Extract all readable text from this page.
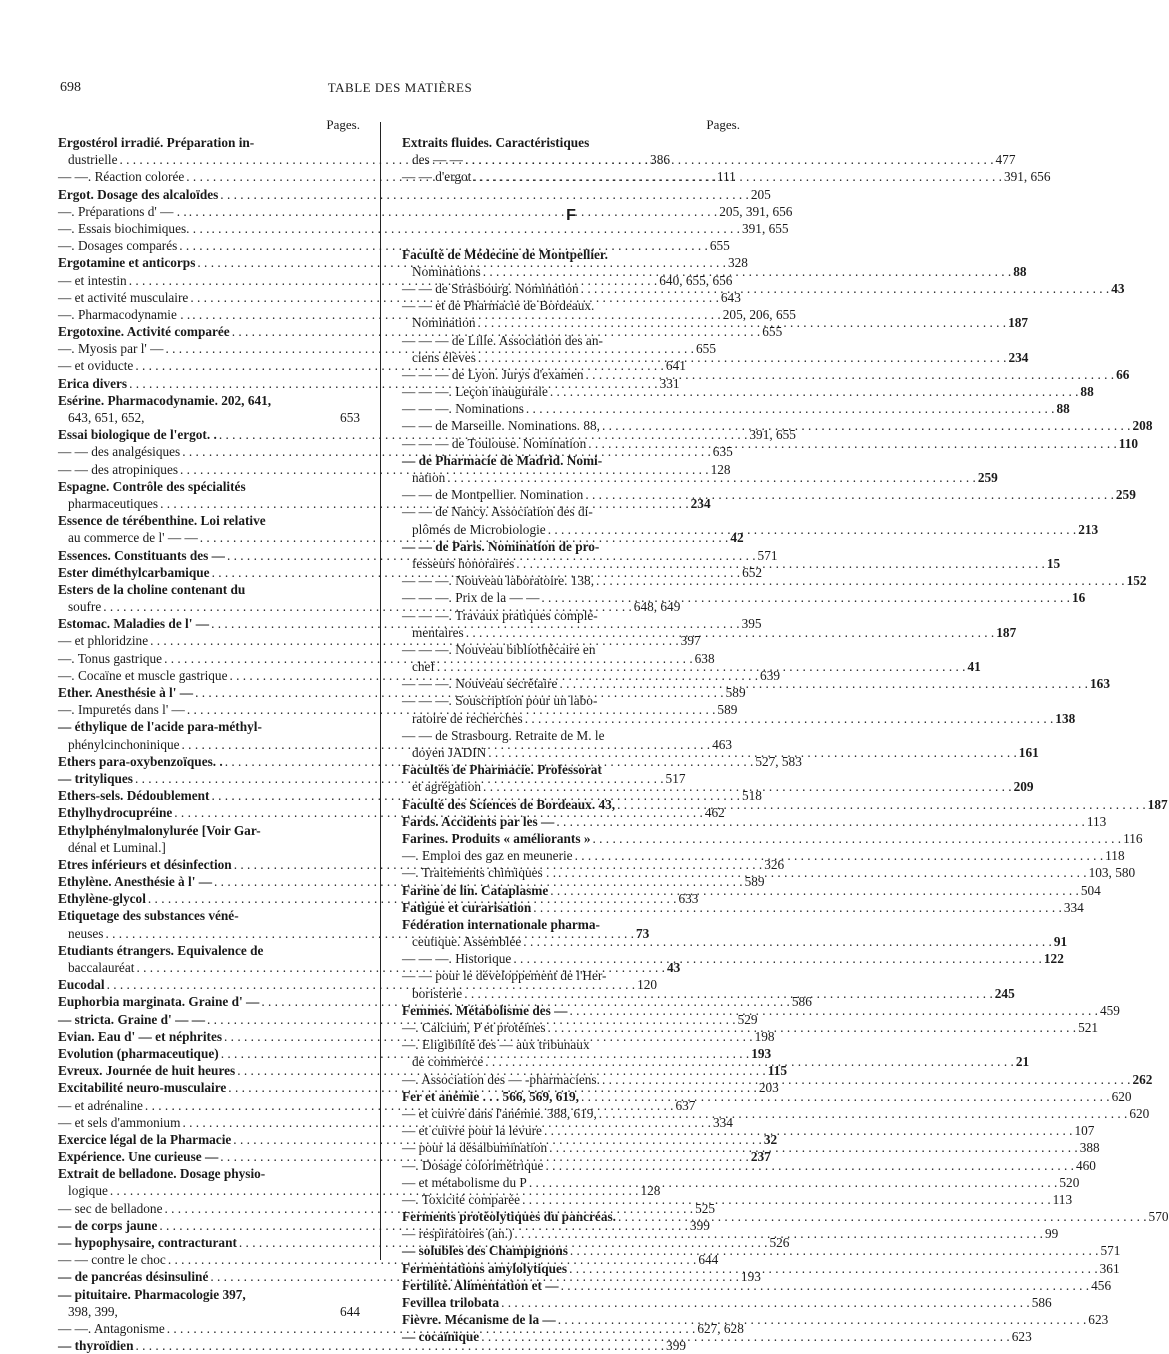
698	TABLE DES MATIÈRES
Pages.
Ergostérol irradié. Préparation in-
dustrielle . . .	386
— —. Réaction colorée . . .	111
Ergot. Dosage des alcaloïdes . . .	205
—. Préparations d' — . . . . .	205, 391, 656
—. Essais biochimiques. . . . . . .	391, 655
—. Dosages comparés . . .	655
Ergotamine et anticorps . . .	328
— et intestin . . .	640, 655, 656
— et activité musculaire . . .	643
—. Pharmacodynamie . . . . .	205, 206, 655
Ergotoxine. Activité comparée . . .	655
—. Myosis par l' — . . .	655
— et oviducte . . .	641
Erica divers . . .	331
Esérine. Pharmacodynamie. 202, 641,
643, 651, 652,	653
Essai biologique de l'ergot. . . . .	391, 655
— — des analgésiques . . .	635
— — des atropiniques . . .	128
Espagne. Contrôle des spécialités
pharmaceutiques . . .	234
Essence de térébenthine. Loi relative
au commerce de l' — — . . .	42
Essences. Constituants des — . . .	571
Ester diméthylcarbamique . . .	652
Esters de la choline contenant du
soufre . . .	648, 649
Estomac. Maladies de l' — . . .	395
— et phloridzine . . .	397
—. Tonus gastrique . . .	638
—. Cocaïne et muscle gastrique . . .	639
Ether. Anesthésie à l' — . . .	589
—. Impuretés dans l' — . . .	589
— éthylique de l'acide para-méthyl-
phénylcinchoninique . . .	463
Ethers para-oxybenzoïques. . . . .	527, 583
— trityliques . . .	517
Ethers-sels. Dédoublement . . .	518
Ethylhydrocupréine . . .	462
Ethylphénylmalonylurée [Voir Gar-
dénal et Luminal.]
Etres inférieurs et désinfection . . .	326
Ethylène. Anesthésie à l' — . . .	589
Ethylène-glycol . . .	633
Etiquetage des substances véné-
neuses . . .	73
Etudiants étrangers. Equivalence de
baccalauréat . . .	43
Eucodal . . .	120
Euphorbia marginata. Graine d' — . . .	586
— stricta. Graine d' — — . . .	529
Evian. Eau d' — et néphrites . . .	198
Evolution (pharmaceutique) . . .	193
Evreux. Journée de huit heures . . .	115
Excitabilité neuro-musculaire . . .	203
— et adrénaline . . .	637
— et sels d'ammonium . . .	334
Exercice légal de la Pharmacie . . .	32
Expérience. Une curieuse — . . .	237
Extrait de belladone. Dosage physio-
logique . . .	128
— sec de belladone . . .	525
— de corps jaune . . .	399
— hypophysaire, contracturant . . .	526
— — contre le choc . . .	644
— de pancréas désinsuliné . . .	193
— pituitaire. Pharmacologie 397,
398, 399,	644
— —. Antagonisme . . .	627, 628
— thyroïdien . . .	399
Pages.
Extraits fluides. Caractéristiques
des — — . . .	477
— — d'ergot . . .	391, 656
F
Faculté de Médecine de Montpellier.
Nominations . . .	88
— — de Strasbourg. Nomination . . .	43
— — et de Pharmacie de Bordeaux.
Nomination . . .	187
— — — de Lille. Association des an-
ciens élèves . . .	234
— — — de Lyon. Jurys d'examen . . .	66
— — —. Leçon inaugurale . . .	88
— — —. Nominations . . .	88
— — de Marseille. Nominations. 88, . . .	208
— — — de Toulouse. Nomination . . .	110
— de Pharmacie de Madrid. Nomi-
nation . . .	259
— — de Montpellier. Nomination . . .	259
— — de Nancy. Association des di-
plômés de Microbiologie . . .	213
— — de Paris. Nomination de pro-
fesseurs honoraires . . .	15
— — —. Nouveau laboratoire. 138, . . .	152
— — —. Prix de la — — . . .	16
— — —. Travaux pratiques complé-
mentaires . . .	187
— — —. Nouveau bibliothécaire en
chef . . .	41
— — —. Nouveau secrétaire . . .	163
— — —. Souscription pour un labo-
ratoire de recherches . . .	138
— — de Strasbourg. Retraite de M. le
doyen JADIN . . .	161
Facultés de Pharmacie. Professorat
et agrégation . . .	209
Faculté des Sciences de Bordeaux. 43, . . .	187
Fards. Accidents par les — . . .	113
Farines. Produits « améliorants » . . .	116
—. Emploi des gaz en meunerie . . .	118
—. Traitements chimiques . . . . .	103, 580
Farine de lin. Cataplasme . . .	504
Fatigue et curarisation . . .	334
Fédération internationale pharma-
ceutique. Assemblée . . .	91
— — —. Historique . . .	122
— — pour le développement de l'Her-
boristerie . . .	245
Femmes. Métabolisme des — . . .	459
—. Calcium, P et protéines . . .	521
—. Eligibilité des — aux tribunaux
de commerce . . .	21
—. Association des — -pharmaciens. . . .	262
Fer et anémie . . . 566, 569, 619, . . .	620
— et cuivre dans l'anémie. 388, 619, . . .	620
— et cuivre pour la levure . . .	107
— pour la désalbumination . . .	388
—. Dosage colorimétrique . . .	460
— et métabolisme du P . . .	520
—. Toxicité comparée . . .	113
Ferments protéolytiques du pancréas. . . .	570
— respiratoires (an.) . . .	99
— solubles des Champignons . . .	571
Fermentations amylolytiques . . .	361
Fertilité. Alimentation et — . . .	456
Fevillea trilobata . . .	586
Fièvre. Mécanisme de la — . . .	623
— cocaïnique . . .	623
